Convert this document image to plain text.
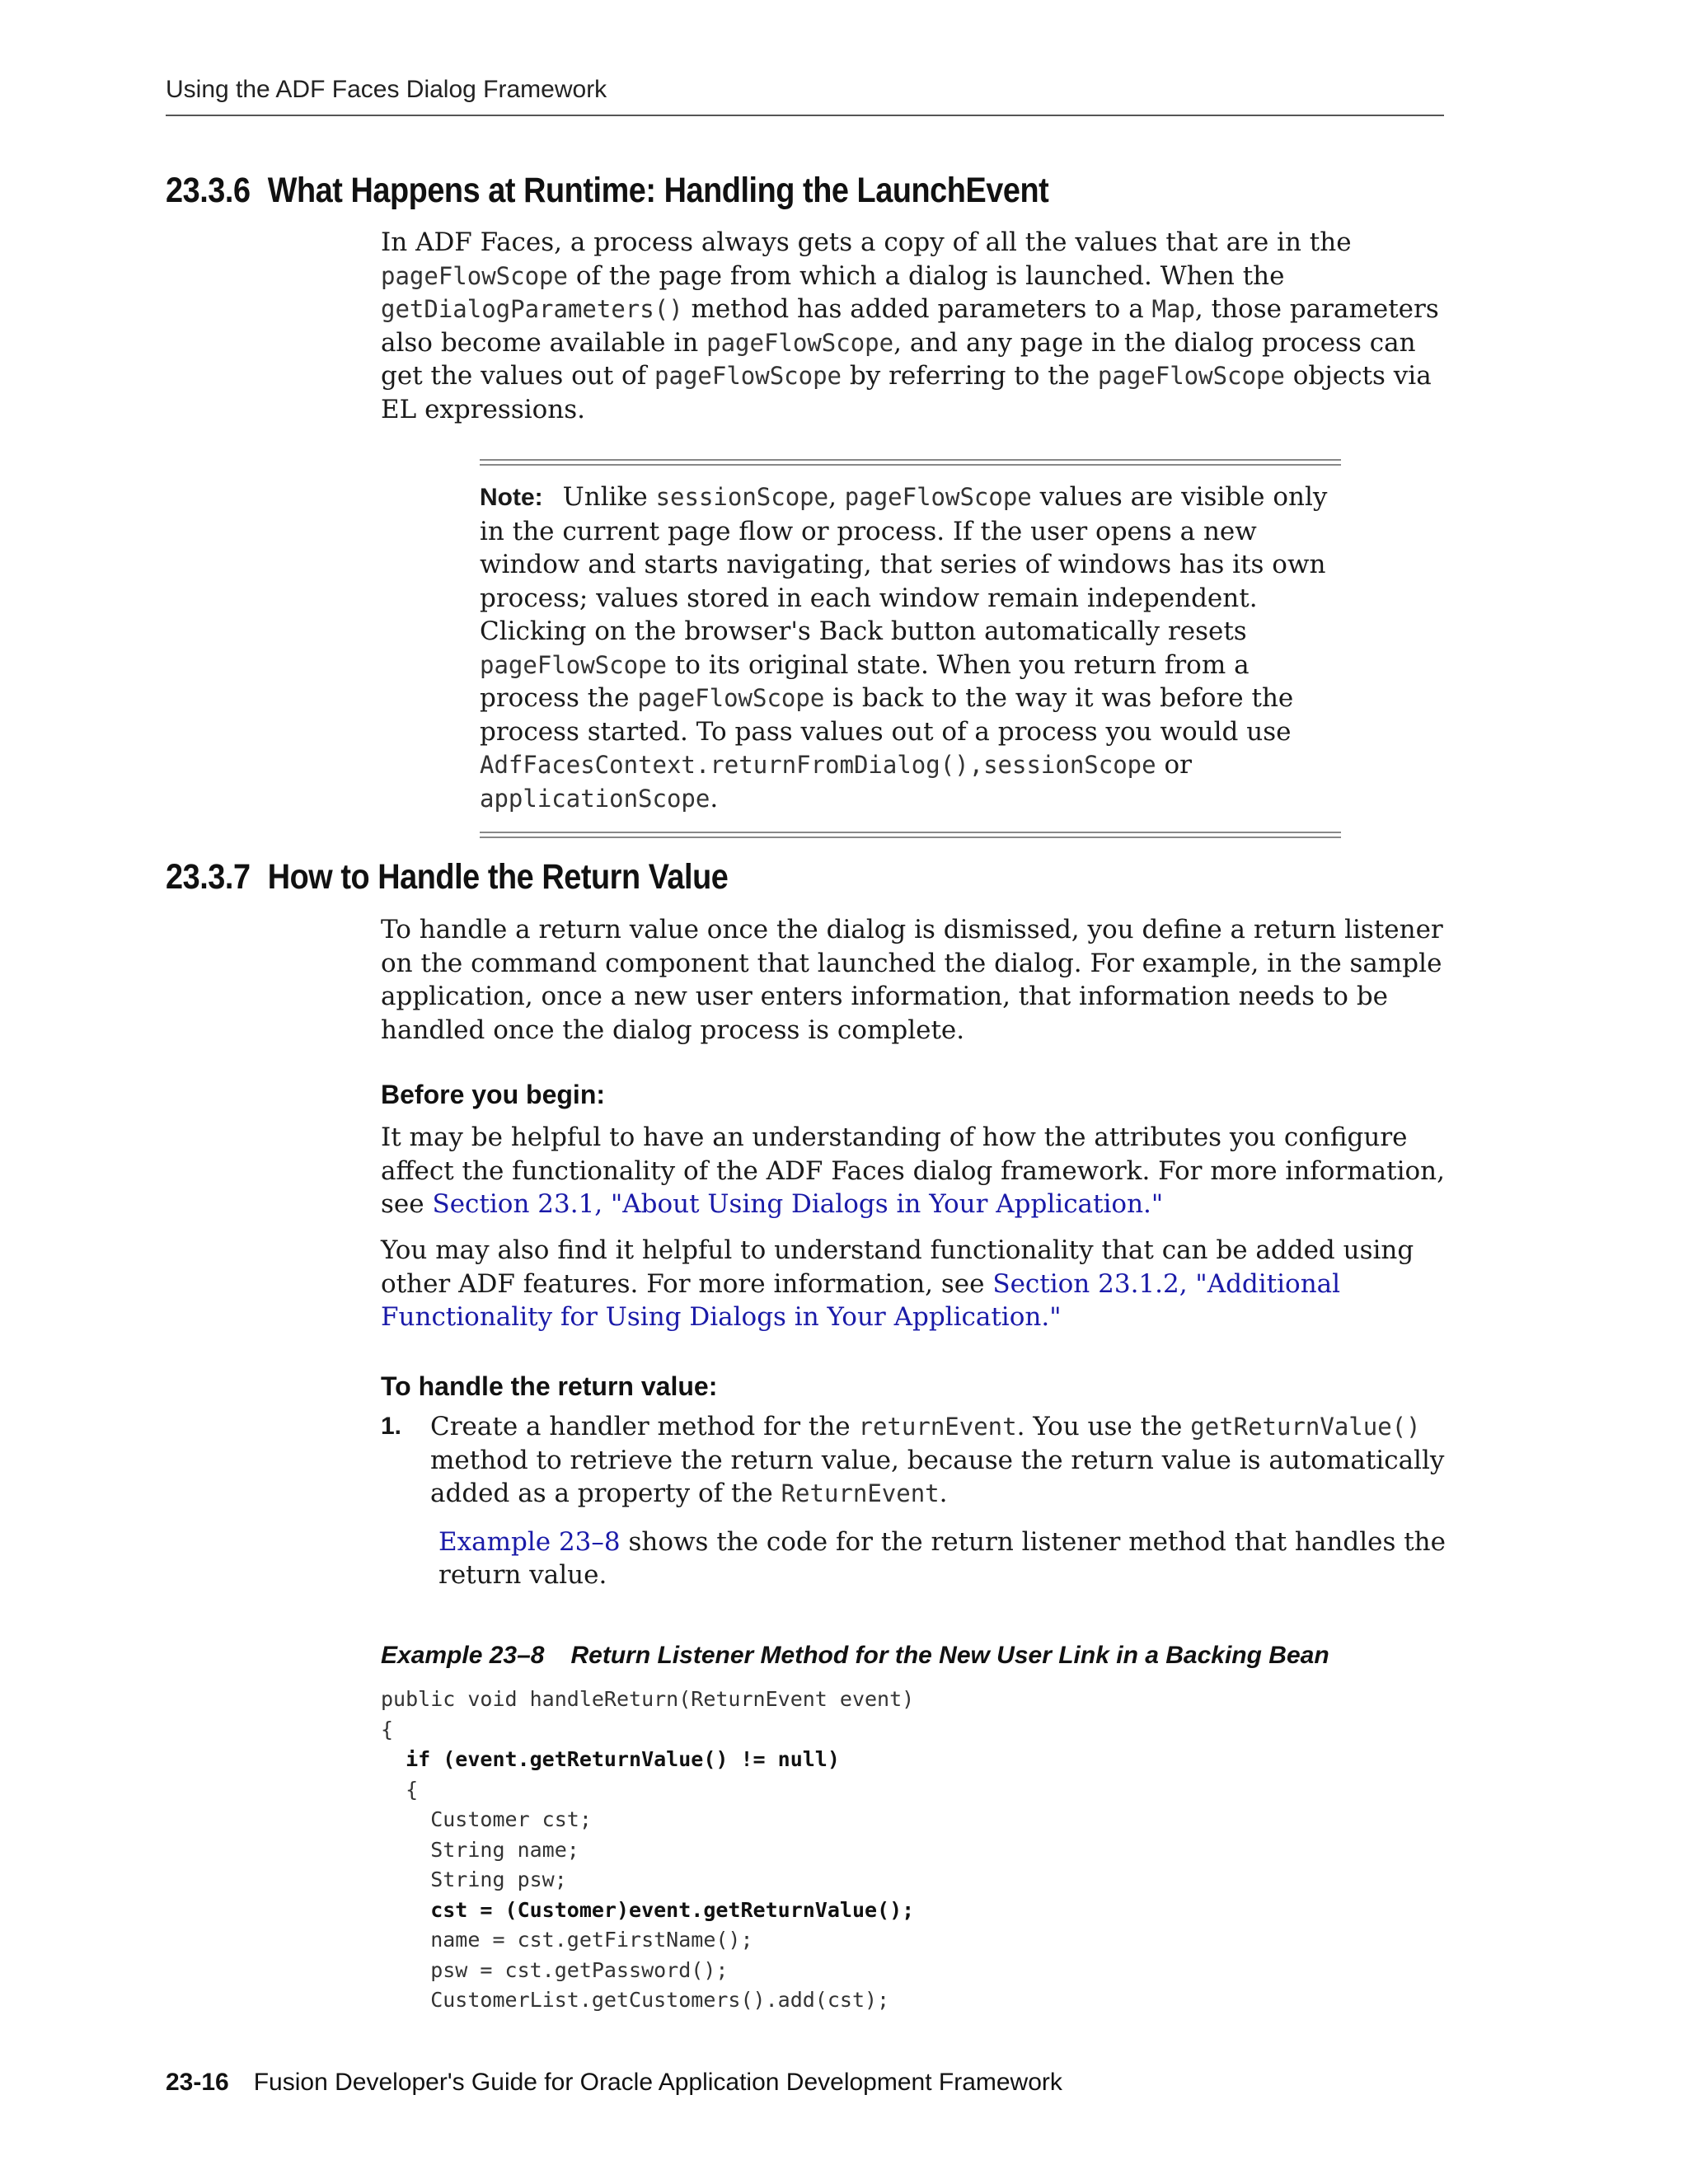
Using the ADF Faces Dialog Framework
23.3.6 What Happens at Runtime: Handling the LaunchEvent

In ADF Faces, a process always gets a copy of all the values that are in the pageFlowScope of the page from which a dialog is launched. When the getDialogParameters() method has added parameters to a Map, those parameters also become available in pageFlowScope, and any page in the dialog process can get the values out of pageFlowScope by referring to the pageFlowScope objects via EL expressions.

Note: Unlike sessionScope, pageFlowScope values are visible only in the current page flow or process. If the user opens a new window and starts navigating, that series of windows has its own process; values stored in each window remain independent. Clicking on the browser's Back button automatically resets pageFlowScope to its original state. When you return from a process the pageFlowScope is back to the way it was before the process started. To pass values out of a process you would use AdfFacesContext.returnFromDialog(),sessionScope or applicationScope.
23.3.7 How to Handle the Return Value

To handle a return value once the dialog is dismissed, you define a return listener on the command component that launched the dialog. For example, in the sample application, once a new user enters information, that information needs to be handled once the dialog process is complete.

Before you begin:

It may be helpful to have an understanding of how the attributes you configure affect the functionality of the ADF Faces dialog framework. For more information, see Section 23.1, "About Using Dialogs in Your Application."

You may also find it helpful to understand functionality that can be added using other ADF features. For more information, see Section 23.1.2, "Additional Functionality for Using Dialogs in Your Application."

To handle the return value:
1. Create a handler method for the returnEvent. You use the getReturnValue() method to retrieve the return value, because the return value is automatically added as a property of the ReturnEvent.

Example 23–8 shows the code for the return listener method that handles the return value.

Example 23–8 Return Listener Method for the New User Link in a Backing Bean
public void handleReturn(ReturnEvent event)
{
if (event.getReturnValue() != null)
{
Customer cst;
String name;
String psw;
cst = (Customer)event.getReturnValue();
name = cst.getFirstName();
psw = cst.getPassword();
CustomerList.getCustomers().add(cst);
23-16 Fusion Developer's Guide for Oracle Application Development Framework
